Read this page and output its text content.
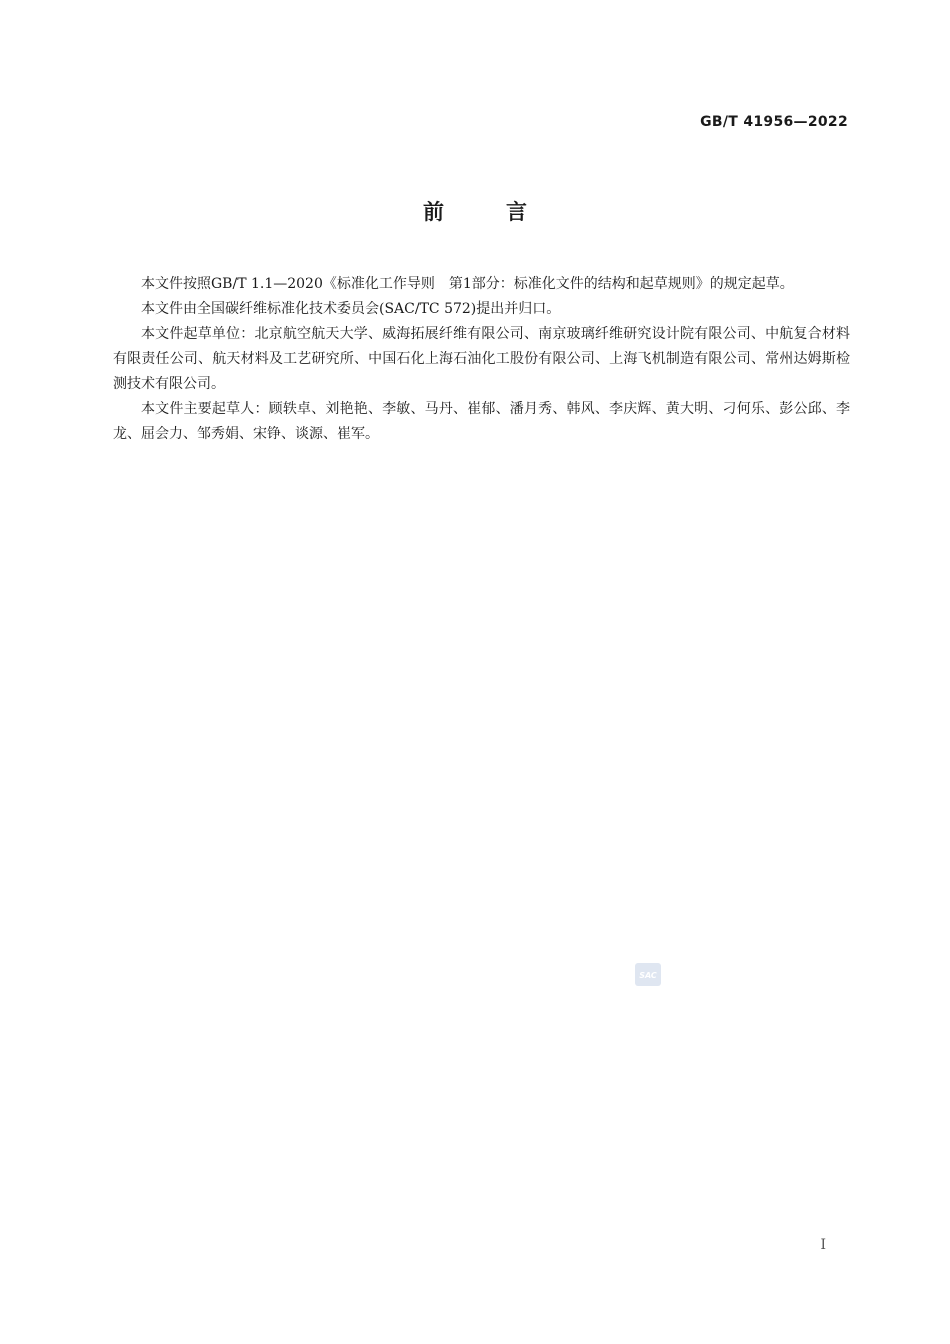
GB/T 41956—2022
前言

本文件按照GB/T 1.1—2020《标准化工作导则　第1部分：标准化文件的结构和起草规则》的规定起草。

本文件由全国碳纤维标准化技术委员会(SAC/TC 572)提出并归口。

本文件起草单位：北京航空航天大学、威海拓展纤维有限公司、南京玻璃纤维研究设计院有限公司、中航复合材料有限责任公司、航天材料及工艺研究所、中国石化上海石油化工股份有限公司、上海飞机制造有限公司、常州达姆斯检测技术有限公司。

本文件主要起草人：顾轶卓、刘艳艳、李敏、马丹、崔郁、潘月秀、韩风、李庆辉、黄大明、刁何乐、彭公邱、李龙、屈会力、邹秀娟、宋铮、谈源、崔军。

SAC
I
